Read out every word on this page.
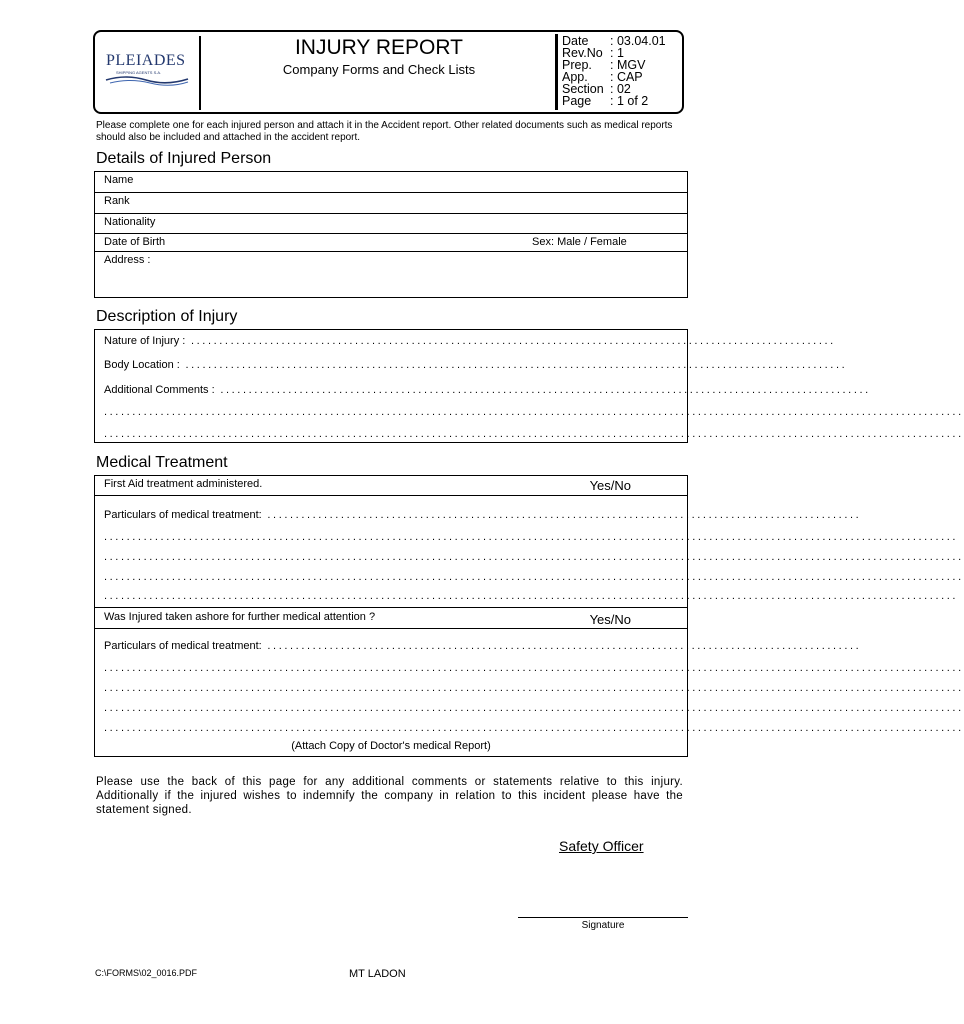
PLEIADES
SHIPPING AGENTS S.A.
INJURY REPORT
Company Forms and Check Lists
Date	: 03.04.01
Rev.No : 1
Prep.	: MGV
App.	: CAP
Section : 02
Page	: 1 of 2
Please complete one for each injured person and attach it in the Accident report. Other related documents such as medical reports should also be included and attached in the accident report.
Details of Injured Person
Name
Rank
Nationality
Date of Birth	Sex: Male / Female
Address :
Description of Injury
Nature of Injury : ..................................................................................................................
Body Location : .....................................................................................................................
Additional Comments : ...................................................................................................................
........................................................................................................................................................
........................................................................................................................................................
Medical Treatment
First Aid treatment administered.	Yes/No
Particulars of medical treatment: .........................................................................................................
.......................................................................................................................................................
........................................................................................................................................................
........................................................................................................................................................
.......................................................................................................................................................
Was Injured taken ashore for further medical attention ?	Yes/No
Particulars of medical treatment: .........................................................................................................
........................................................................................................................................................
........................................................................................................................................................
........................................................................................................................................................
........................................................................................................................................................
(Attach Copy of Doctor's medical Report)
Please use the back of this page for any additional comments or statements relative to this injury. Additionally if the injured wishes to indemnify the company in relation to this incident please have the statement signed.
Safety Officer
Signature
C:\FORMS\02_0016.PDF	MT LADON
